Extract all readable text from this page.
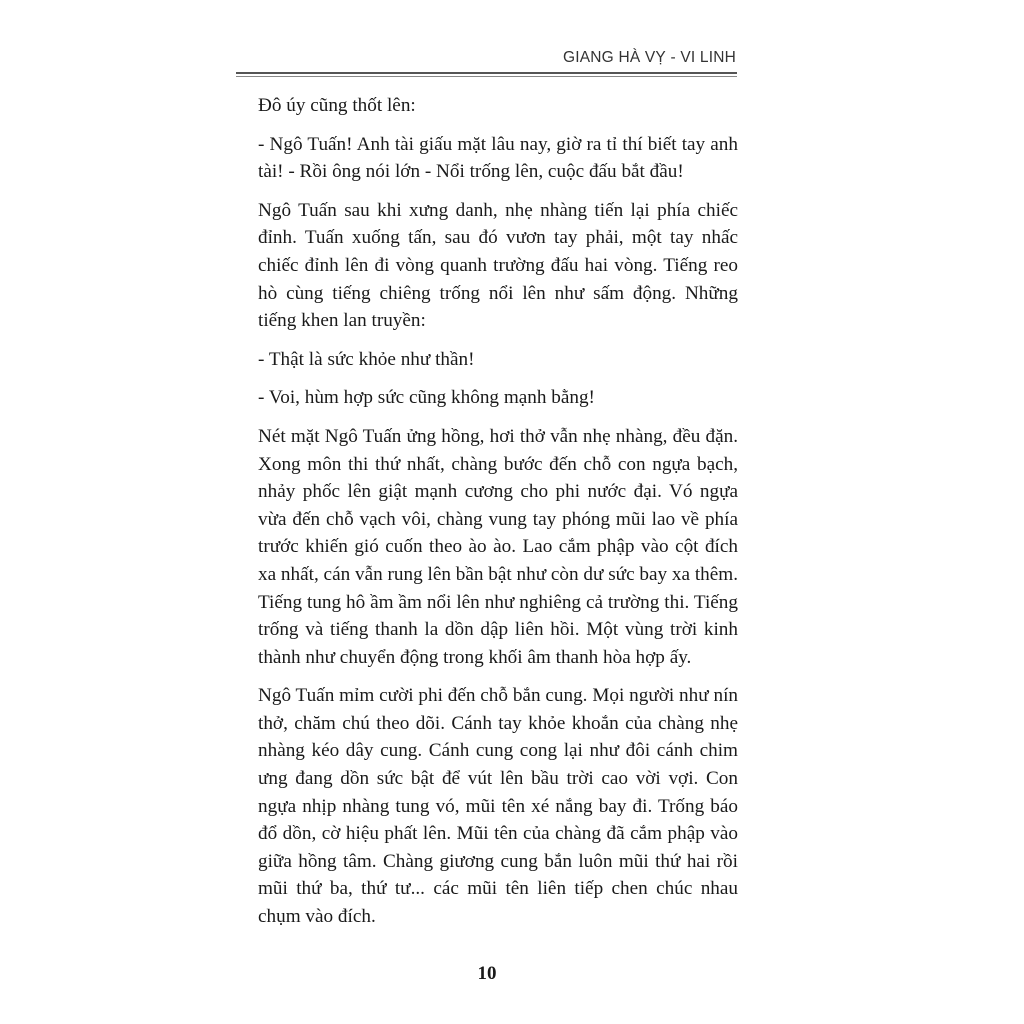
GIANG HÀ VỴ - VI LINH

Đô úy cũng thốt lên:

- Ngô Tuấn! Anh tài giấu mặt lâu nay, giờ ra tỉ thí biết tay anh tài! - Rồi ông nói lớn - Nổi trống lên, cuộc đấu bắt đầu!

Ngô Tuấn sau khi xưng danh, nhẹ nhàng tiến lại phía chiếc đỉnh. Tuấn xuống tấn, sau đó vươn tay phải, một tay nhấc chiếc đỉnh lên đi vòng quanh trường đấu hai vòng. Tiếng reo hò cùng tiếng chiêng trống nổi lên như sấm động. Những tiếng khen lan truyền:

- Thật là sức khỏe như thần!

- Voi, hùm hợp sức cũng không mạnh bằng!

Nét mặt Ngô Tuấn ửng hồng, hơi thở vẫn nhẹ nhàng, đều đặn. Xong môn thi thứ nhất, chàng bước đến chỗ con ngựa bạch, nhảy phốc lên giật mạnh cương cho phi nước đại. Vó ngựa vừa đến chỗ vạch vôi, chàng vung tay phóng mũi lao về phía trước khiến gió cuốn theo ào ào. Lao cắm phập vào cột đích xa nhất, cán vẫn rung lên bần bật như còn dư sức bay xa thêm. Tiếng tung hô ầm ầm nổi lên như nghiêng cả trường thi. Tiếng trống và tiếng thanh la dồn dập liên hồi. Một vùng trời kinh thành như chuyển động trong khối âm thanh hòa hợp ấy.

Ngô Tuấn mỉm cười phi đến chỗ bắn cung. Mọi người như nín thở, chăm chú theo dõi. Cánh tay khỏe khoắn của chàng nhẹ nhàng kéo dây cung. Cánh cung cong lại như đôi cánh chim ưng đang dồn sức bật để vút lên bầu trời cao vời vợi. Con ngựa nhịp nhàng tung vó, mũi tên xé nắng bay đi. Trống báo đổ dồn, cờ hiệu phất lên. Mũi tên của chàng đã cắm phập vào giữa hồng tâm. Chàng giương cung bắn luôn mũi thứ hai rồi mũi thứ ba, thứ tư... các mũi tên liên tiếp chen chúc nhau chụm vào đích.

10
